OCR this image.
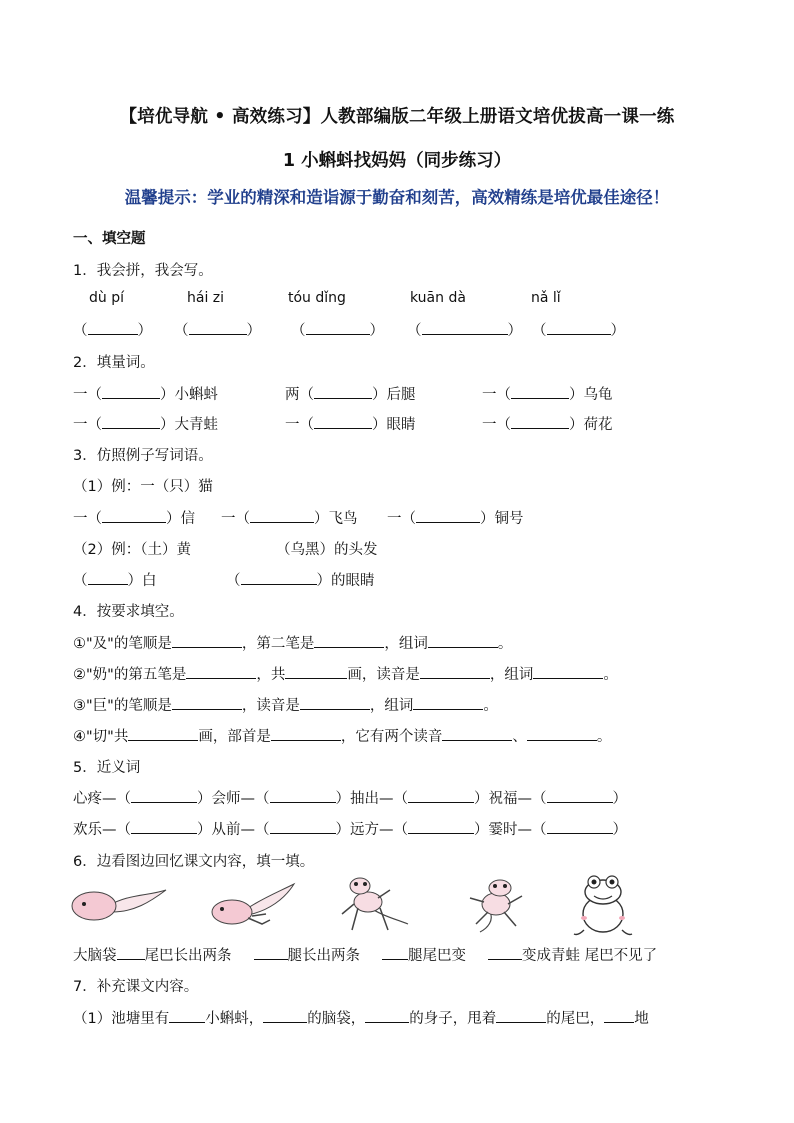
【培优导航 • 高效练习】人教部编版二年级上册语文培优拔高一课一练
1 小蝌蚪找妈妈（同步练习）
温馨提示：学业的精深和造诣源于勤奋和刻苦，高效精练是培优最佳途径！
一、填空题
1．我会拼，我会写。
dù pí	hái zi	tóu dǐng	kuān dà	nǎ lǐ
（	） （	） （	） （	） （	）
2．填量词。
一（	）小蝌蚪	两（	）后腿	一（	）乌龟
一（	）大青蛙	一（	）眼睛	一（	）荷花
3．仿照例子写词语。
（1）例：一（只）猫
一（	）信 一（	）飞鸟 一（	）铜号
（2）例：（土）黄	（乌黑）的头发
（	）白	（	）的眼睛
4．按要求填空。
①"及"的笔顺是	，第二笔是	，组词	。
②"奶"的第五笔是	，共	画，读音是	，组词	。
③"巨"的笔顺是	，读音是	，组词	。
④"切"共	画，部首是	，它有两个读音	、	。
5．近义词
心疼—（	）会师—（	）抽出—（	）祝福—（	）
欢乐—（	）从前—（	）远方—（	）霎时—（	）
6．边看图边回忆课文内容，填一填。
大脑袋 尾巴长出两条	腿长出两条	腿尾巴变	变成青蛙 尾巴不见了
7．补充课文内容。
（1）池塘里有 小蝌蚪，	的脑袋，	的身子，甩着	的尾巴， 地
